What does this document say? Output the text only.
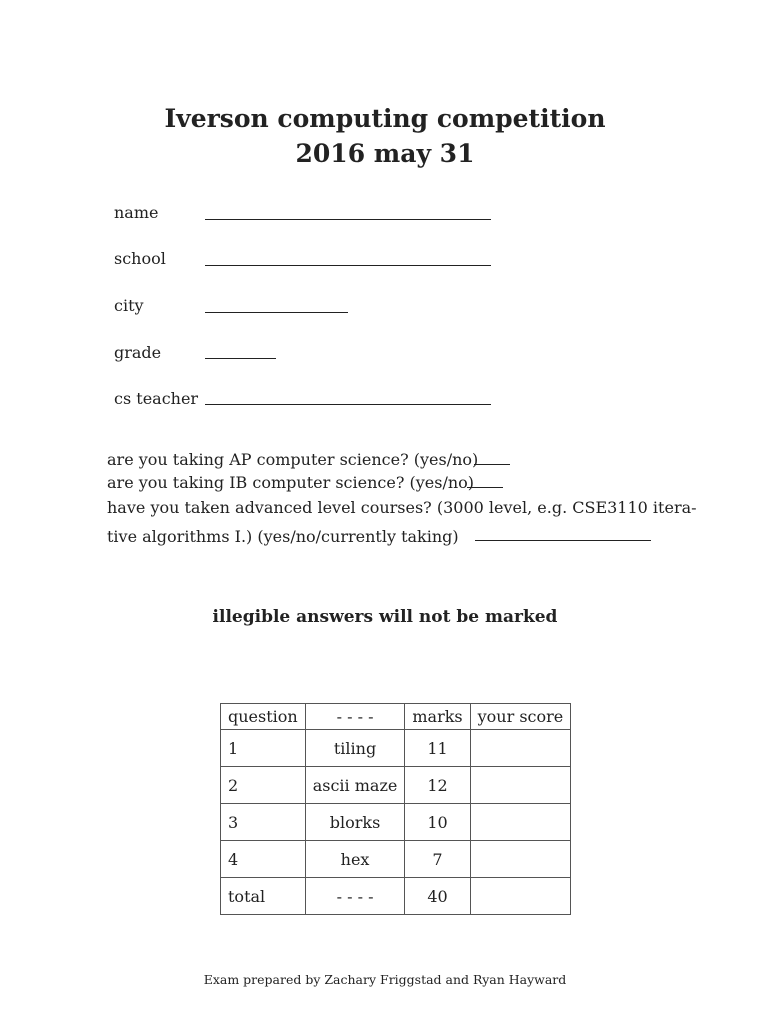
Iverson computing competition
2016 may 31
name
school
city
grade
cs teacher
are you taking AP computer science? (yes/no)
are you taking IB computer science? (yes/no)
have you taken advanced level courses? (3000 level, e.g. CSE3110 itera-
tive algorithms I.) (yes/no/currently taking)
illegible answers will not be marked
question	- - - -	marks	your score
1	tiling	11	
2	ascii maze	12	
3	blorks	10	
4	hex	7	
total	- - - -	40	
Exam prepared by Zachary Friggstad and Ryan Hayward
